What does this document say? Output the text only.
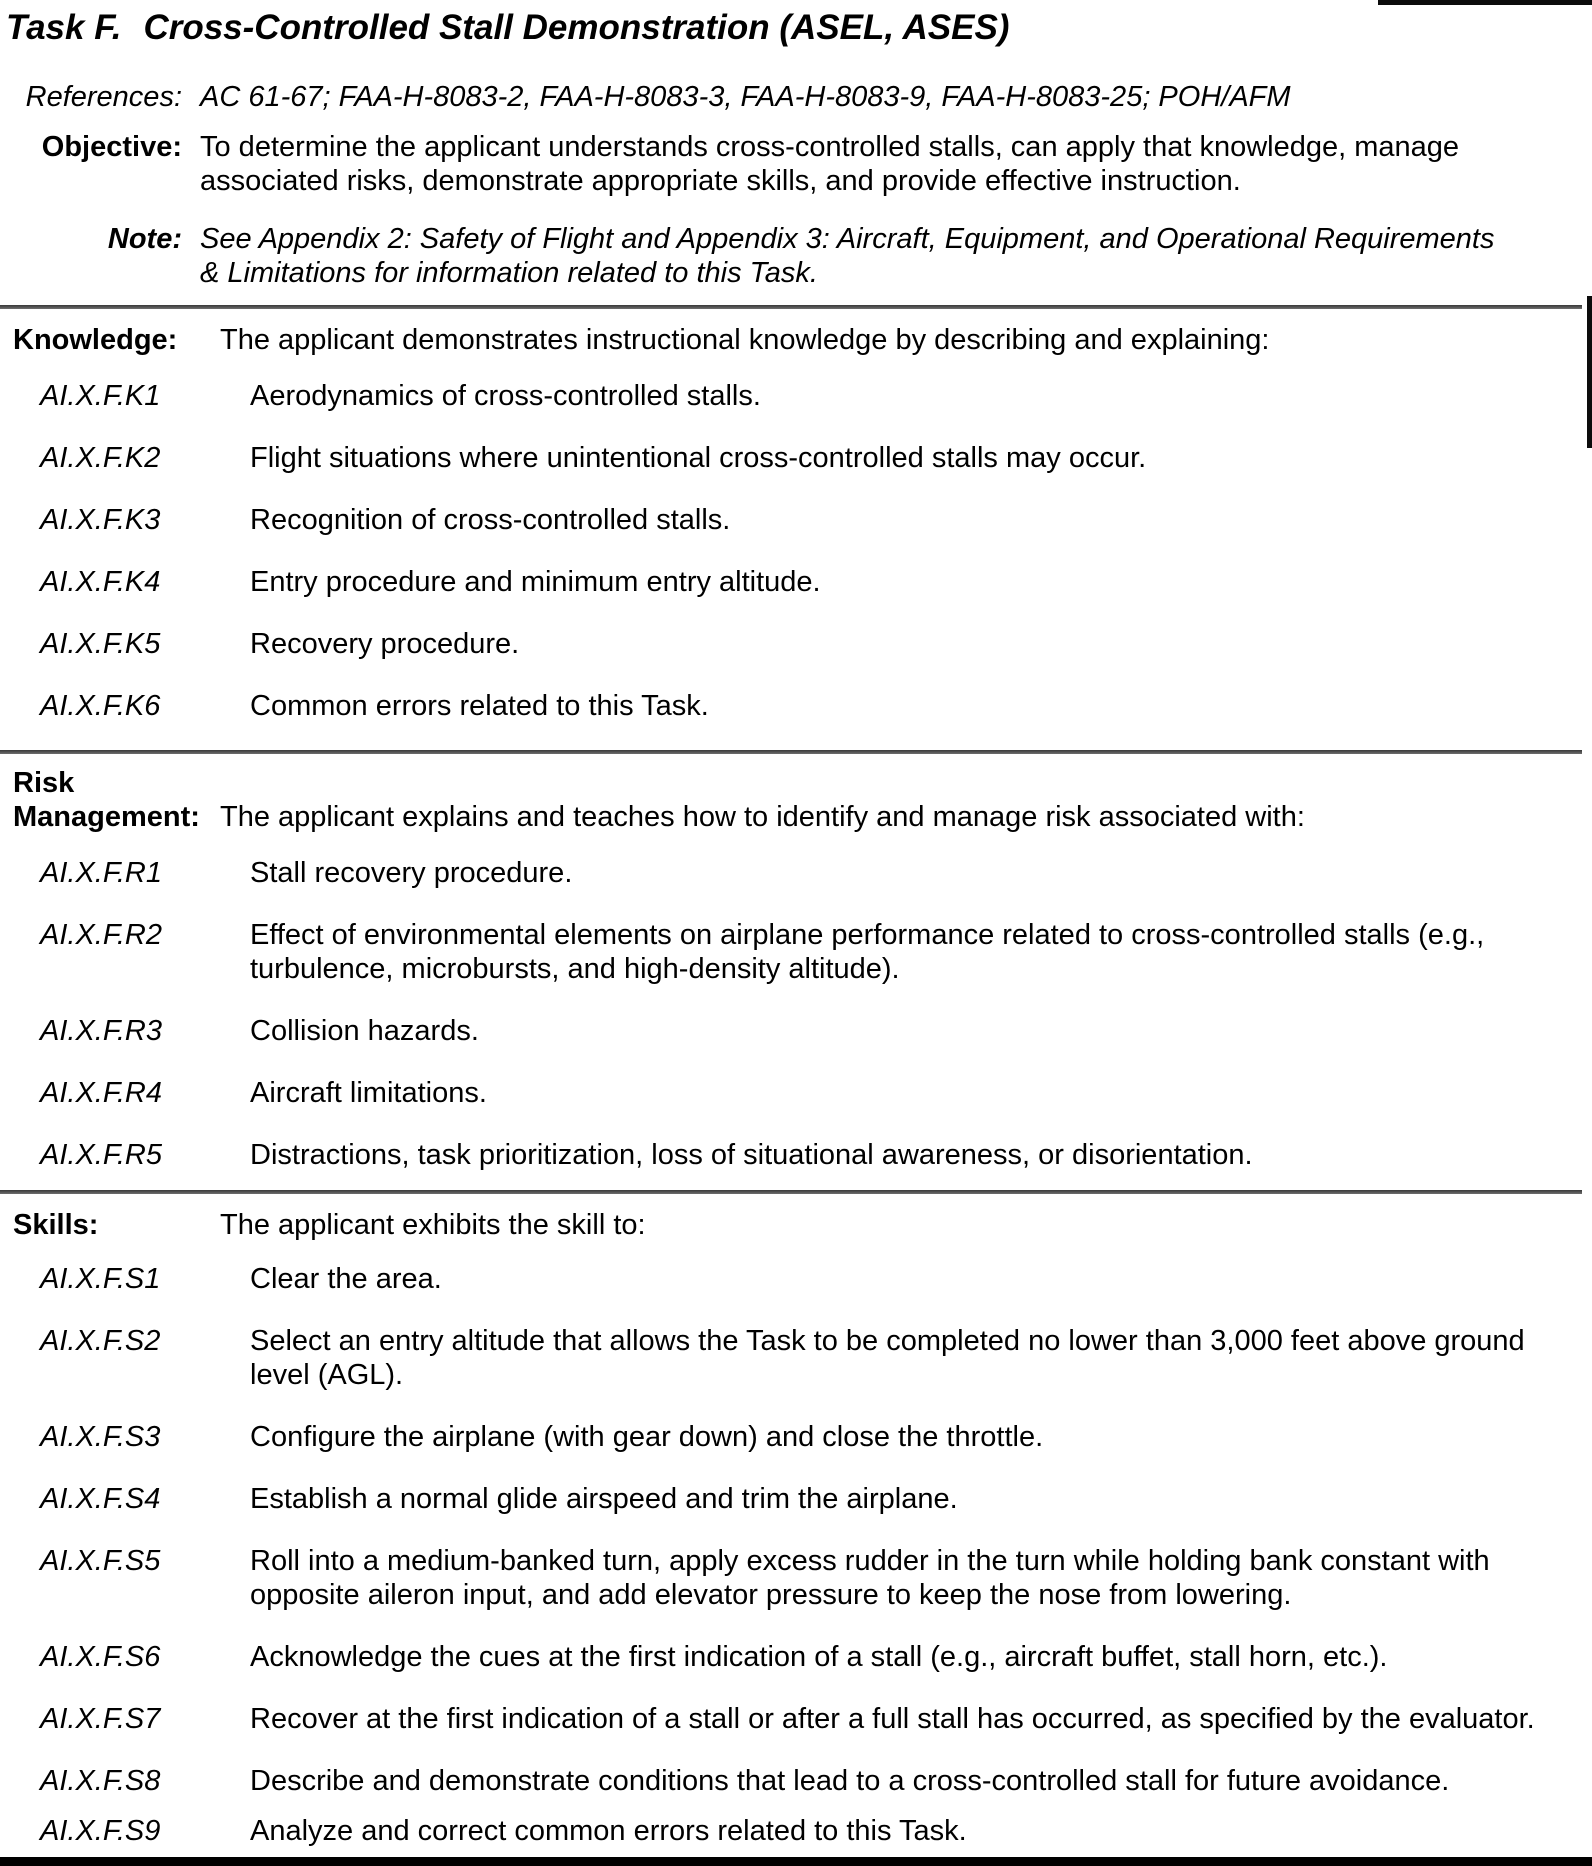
Task F. Cross-Controlled Stall Demonstration (ASEL, ASES)
References: AC 61-67; FAA-H-8083-2, FAA-H-8083-3, FAA-H-8083-9, FAA-H-8083-25; POH/AFM
Objective: To determine the applicant understands cross-controlled stalls, can apply that knowledge, manage associated risks, demonstrate appropriate skills, and provide effective instruction.
Note: See Appendix 2: Safety of Flight and Appendix 3: Aircraft, Equipment, and Operational Requirements & Limitations for information related to this Task.
Knowledge:	The applicant demonstrates instructional knowledge by describing and explaining:
AI.X.F.K1	Aerodynamics of cross-controlled stalls.
AI.X.F.K2	Flight situations where unintentional cross-controlled stalls may occur.
AI.X.F.K3	Recognition of cross-controlled stalls.
AI.X.F.K4	Entry procedure and minimum entry altitude.
AI.X.F.K5	Recovery procedure.
AI.X.F.K6	Common errors related to this Task.
Risk
Management: The applicant explains and teaches how to identify and manage risk associated with:
AI.X.F.R1	Stall recovery procedure.
AI.X.F.R2	Effect of environmental elements on airplane performance related to cross-controlled stalls (e.g., turbulence, microbursts, and high-density altitude).
AI.X.F.R3	Collision hazards.
AI.X.F.R4	Aircraft limitations.
AI.X.F.R5	Distractions, task prioritization, loss of situational awareness, or disorientation.
Skills:	The applicant exhibits the skill to:
AI.X.F.S1	Clear the area.
AI.X.F.S2	Select an entry altitude that allows the Task to be completed no lower than 3,000 feet above ground level (AGL).
AI.X.F.S3	Configure the airplane (with gear down) and close the throttle.
AI.X.F.S4	Establish a normal glide airspeed and trim the airplane.
AI.X.F.S5	Roll into a medium-banked turn, apply excess rudder in the turn while holding bank constant with opposite aileron input, and add elevator pressure to keep the nose from lowering.
AI.X.F.S6	Acknowledge the cues at the first indication of a stall (e.g., aircraft buffet, stall horn, etc.).
AI.X.F.S7	Recover at the first indication of a stall or after a full stall has occurred, as specified by the evaluator.
AI.X.F.S8	Describe and demonstrate conditions that lead to a cross-controlled stall for future avoidance.
AI.X.F.S9	Analyze and correct common errors related to this Task.
